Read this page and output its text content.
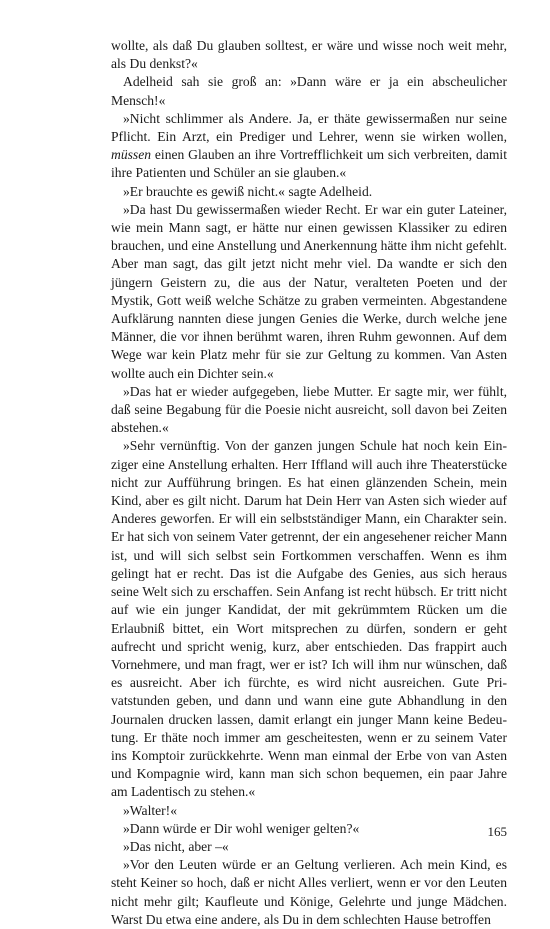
wollte, als daß Du glauben solltest, er wäre und wisse noch weit mehr, als Du denkst?«

Adelheid sah sie groß an: »Dann wäre er ja ein abscheulicher Mensch!«

»Nicht schlimmer als Andere. Ja, er thäte gewissermaßen nur seine Pflicht. Ein Arzt, ein Prediger und Lehrer, wenn sie wirken wollen, müssen einen Glauben an ihre Vortrefflichkeit um sich verbreiten, damit ihre Patienten und Schüler an sie glauben.«

»Er brauchte es gewiß nicht.« sagte Adelheid.

»Da hast Du gewissermaßen wieder Recht. Er war ein guter Lateiner, wie mein Mann sagt, er hätte nur einen gewissen Klassiker zu ediren brauchen, und eine Anstellung und Anerkennung hätte ihm nicht gefehlt. Aber man sagt, das gilt jetzt nicht mehr viel. Da wandte er sich den jüngern Geistern zu, die aus der Natur, veralteten Poeten und der Mystik, Gott weiß welche Schätze zu graben vermeinten. Abgestandene Aufklärung nannten diese jungen Genies die Werke, durch welche jene Männer, die vor ihnen berühmt waren, ihren Ruhm gewonnen. Auf dem Wege war kein Platz mehr für sie zur Geltung zu kommen. Van Asten wollte auch ein Dichter sein.«

»Das hat er wieder aufgegeben, liebe Mutter. Er sagte mir, wer fühlt, daß seine Begabung für die Poesie nicht ausreicht, soll davon bei Zeiten abstehen.«

»Sehr vernünftig. Von der ganzen jungen Schule hat noch kein Einziger eine Anstellung erhalten. Herr Iffland will auch ihre Theaterstücke nicht zur Aufführung bringen. Es hat einen glänzenden Schein, mein Kind, aber es gilt nicht. Darum hat Dein Herr van Asten sich wieder auf Anderes geworfen. Er will ein selbstständiger Mann, ein Charakter sein. Er hat sich von seinem Vater getrennt, der ein angesehener reicher Mann ist, und will sich selbst sein Fortkommen verschaffen. Wenn es ihm gelingt hat er recht. Das ist die Aufgabe des Genies, aus sich heraus seine Welt sich zu erschaffen. Sein Anfang ist recht hübsch. Er tritt nicht auf wie ein junger Kandidat, der mit gekrümmtem Rücken um die Erlaubniß bittet, ein Wort mitsprechen zu dürfen, sondern er geht aufrecht und spricht wenig, kurz, aber entschieden. Das frappirt auch Vornehmere, und man fragt, wer er ist? Ich will ihm nur wünschen, daß es ausreicht. Aber ich fürchte, es wird nicht ausreichen. Gute Privatstunden geben, und dann und wann eine gute Abhandlung in den Journalen drucken lassen, damit erlangt ein junger Mann keine Bedeutung. Er thäte noch immer am gescheitesten, wenn er zu seinem Vater ins Komptoir zurückkehrte. Wenn man einmal der Erbe von van Asten und Kompagnie wird, kann man sich schon bequemen, ein paar Jahre am Ladentisch zu stehen.«

»Walter!«

»Dann würde er Dir wohl weniger gelten?«

»Das nicht, aber –«

»Vor den Leuten würde er an Geltung verlieren. Ach mein Kind, es steht Keiner so hoch, daß er nicht Alles verliert, wenn er vor den Leuten nicht mehr gilt; Kaufleute und Könige, Gelehrte und junge Mädchen. Warst Du etwa eine andere, als Du in dem schlechten Hause betroffen

165
